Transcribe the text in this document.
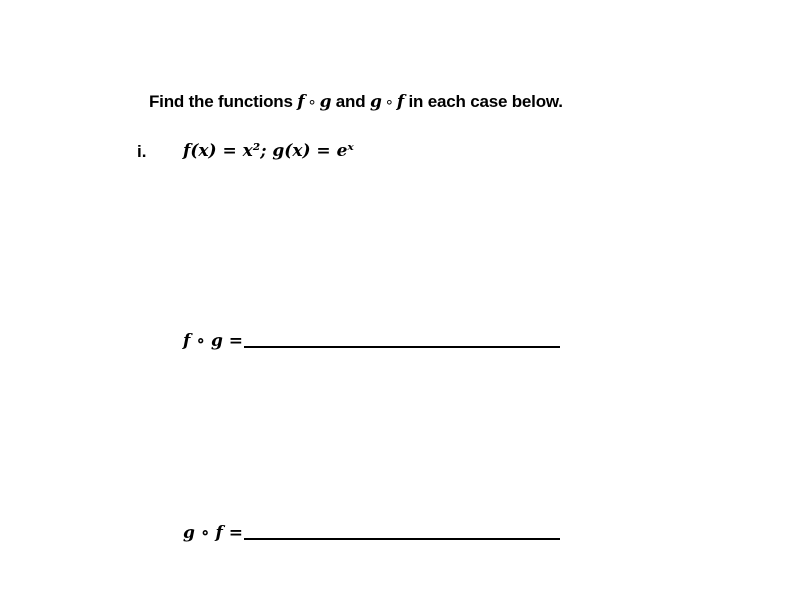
Find the functions f ∘ g and g ∘ f in each case below.
i. f(x) = x²; g(x) = eˣ
f ∘ g =
g ∘ f =
